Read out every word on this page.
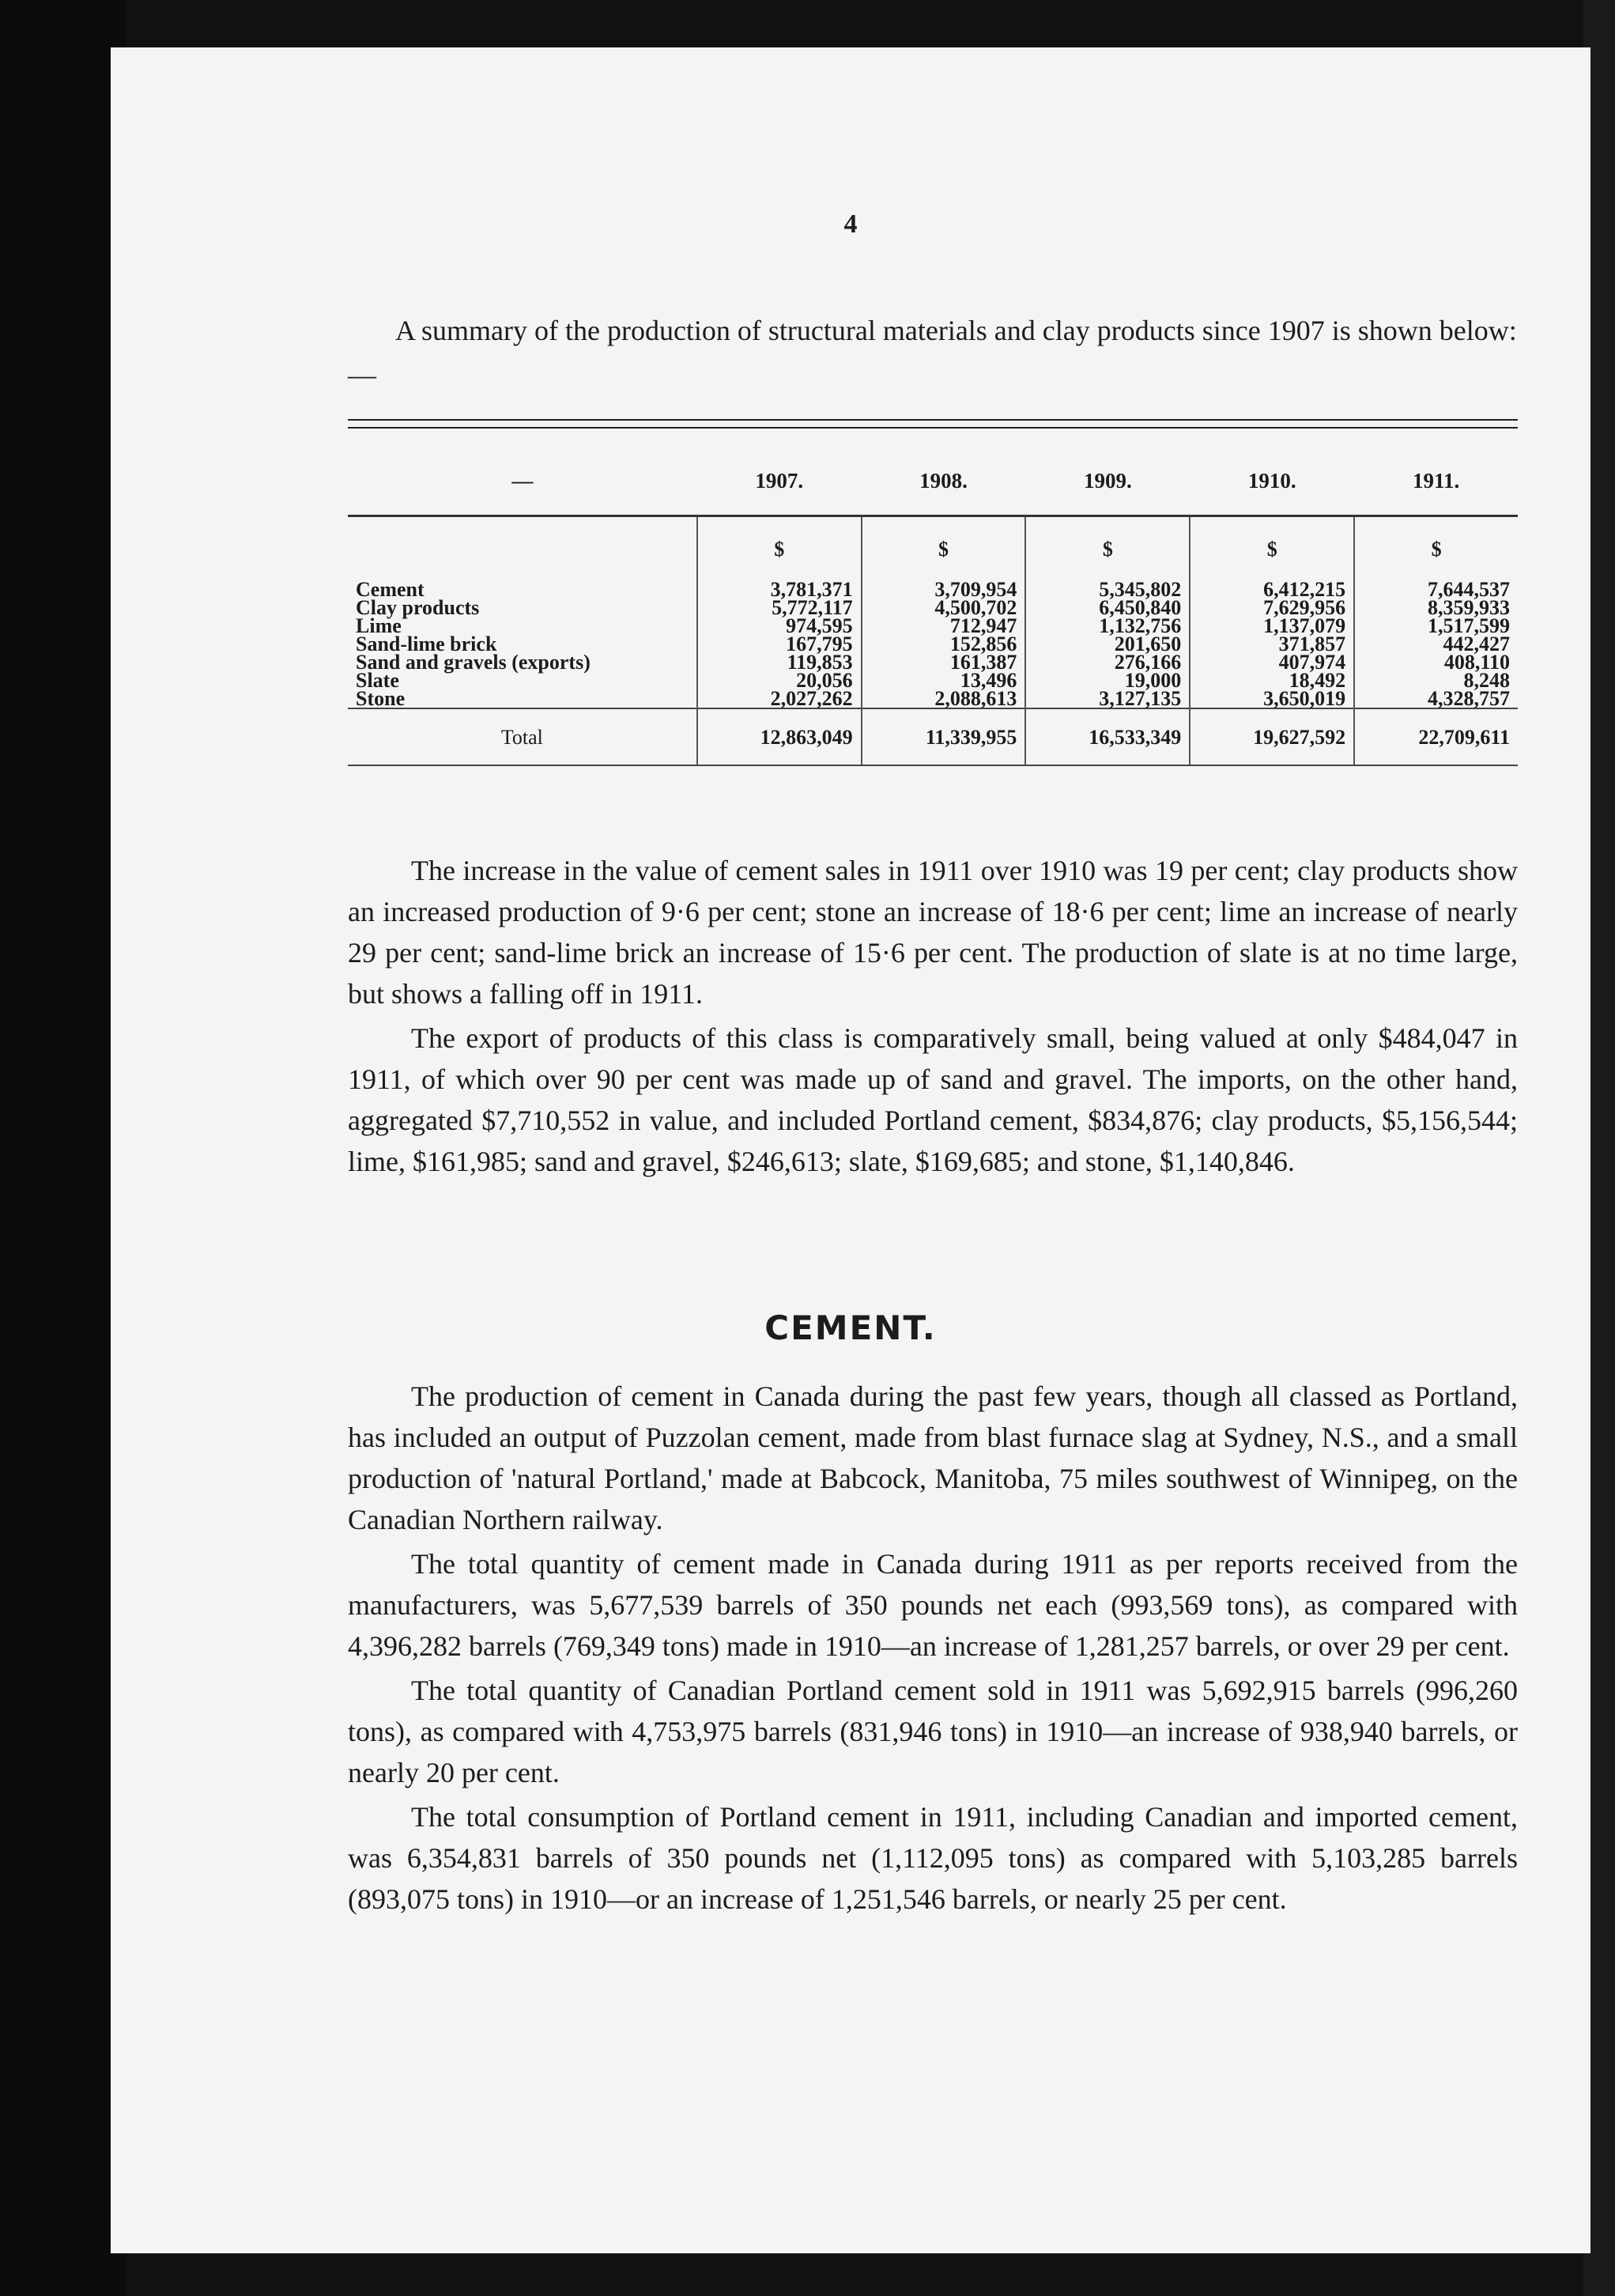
4
A summary of the production of structural materials and clay products since 1907 is shown below:—
—	1907.	1908.	1909.	1910.	1911.
	$	$	$	$	$
Cement	3,781,371	3,709,954	5,345,802	6,412,215	7,644,537
Clay products	5,772,117	4,500,702	6,450,840	7,629,956	8,359,933
Lime	974,595	712,947	1,132,756	1,137,079	1,517,599
Sand-lime brick	167,795	152,856	201,650	371,857	442,427
Sand and gravels (exports)	119,853	161,387	276,166	407,974	408,110
Slate	20,056	13,496	19,000	18,492	8,248
Stone	2,027,262	2,088,613	3,127,135	3,650,019	4,328,757
Total	12,863,049	11,339,955	16,533,349	19,627,592	22,709,611

The increase in the value of cement sales in 1911 over 1910 was 19 per cent; clay products show an increased production of 9·6 per cent; stone an increase of 18·6 per cent; lime an increase of nearly 29 per cent; sand-lime brick an increase of 15·6 per cent. The production of slate is at no time large, but shows a falling off in 1911.

The export of products of this class is comparatively small, being valued at only $484,047 in 1911, of which over 90 per cent was made up of sand and gravel. The imports, on the other hand, aggregated $7,710,552 in value, and included Portland cement, $834,876; clay products, $5,156,544; lime, $161,985; sand and gravel, $246,613; slate, $169,685; and stone, $1,140,846.

CEMENT.

The production of cement in Canada during the past few years, though all classed as Portland, has included an output of Puzzolan cement, made from blast furnace slag at Sydney, N.S., and a small production of 'natural Portland,' made at Babcock, Manitoba, 75 miles southwest of Winnipeg, on the Canadian Northern railway.

The total quantity of cement made in Canada during 1911 as per reports received from the manufacturers, was 5,677,539 barrels of 350 pounds net each (993,569 tons), as compared with 4,396,282 barrels (769,349 tons) made in 1910—an increase of 1,281,257 barrels, or over 29 per cent.

The total quantity of Canadian Portland cement sold in 1911 was 5,692,915 barrels (996,260 tons), as compared with 4,753,975 barrels (831,946 tons) in 1910—an increase of 938,940 barrels, or nearly 20 per cent.

The total consumption of Portland cement in 1911, including Canadian and imported cement, was 6,354,831 barrels of 350 pounds net (1,112,095 tons) as compared with 5,103,285 barrels (893,075 tons) in 1910—or an increase of 1,251,546 barrels, or nearly 25 per cent.
